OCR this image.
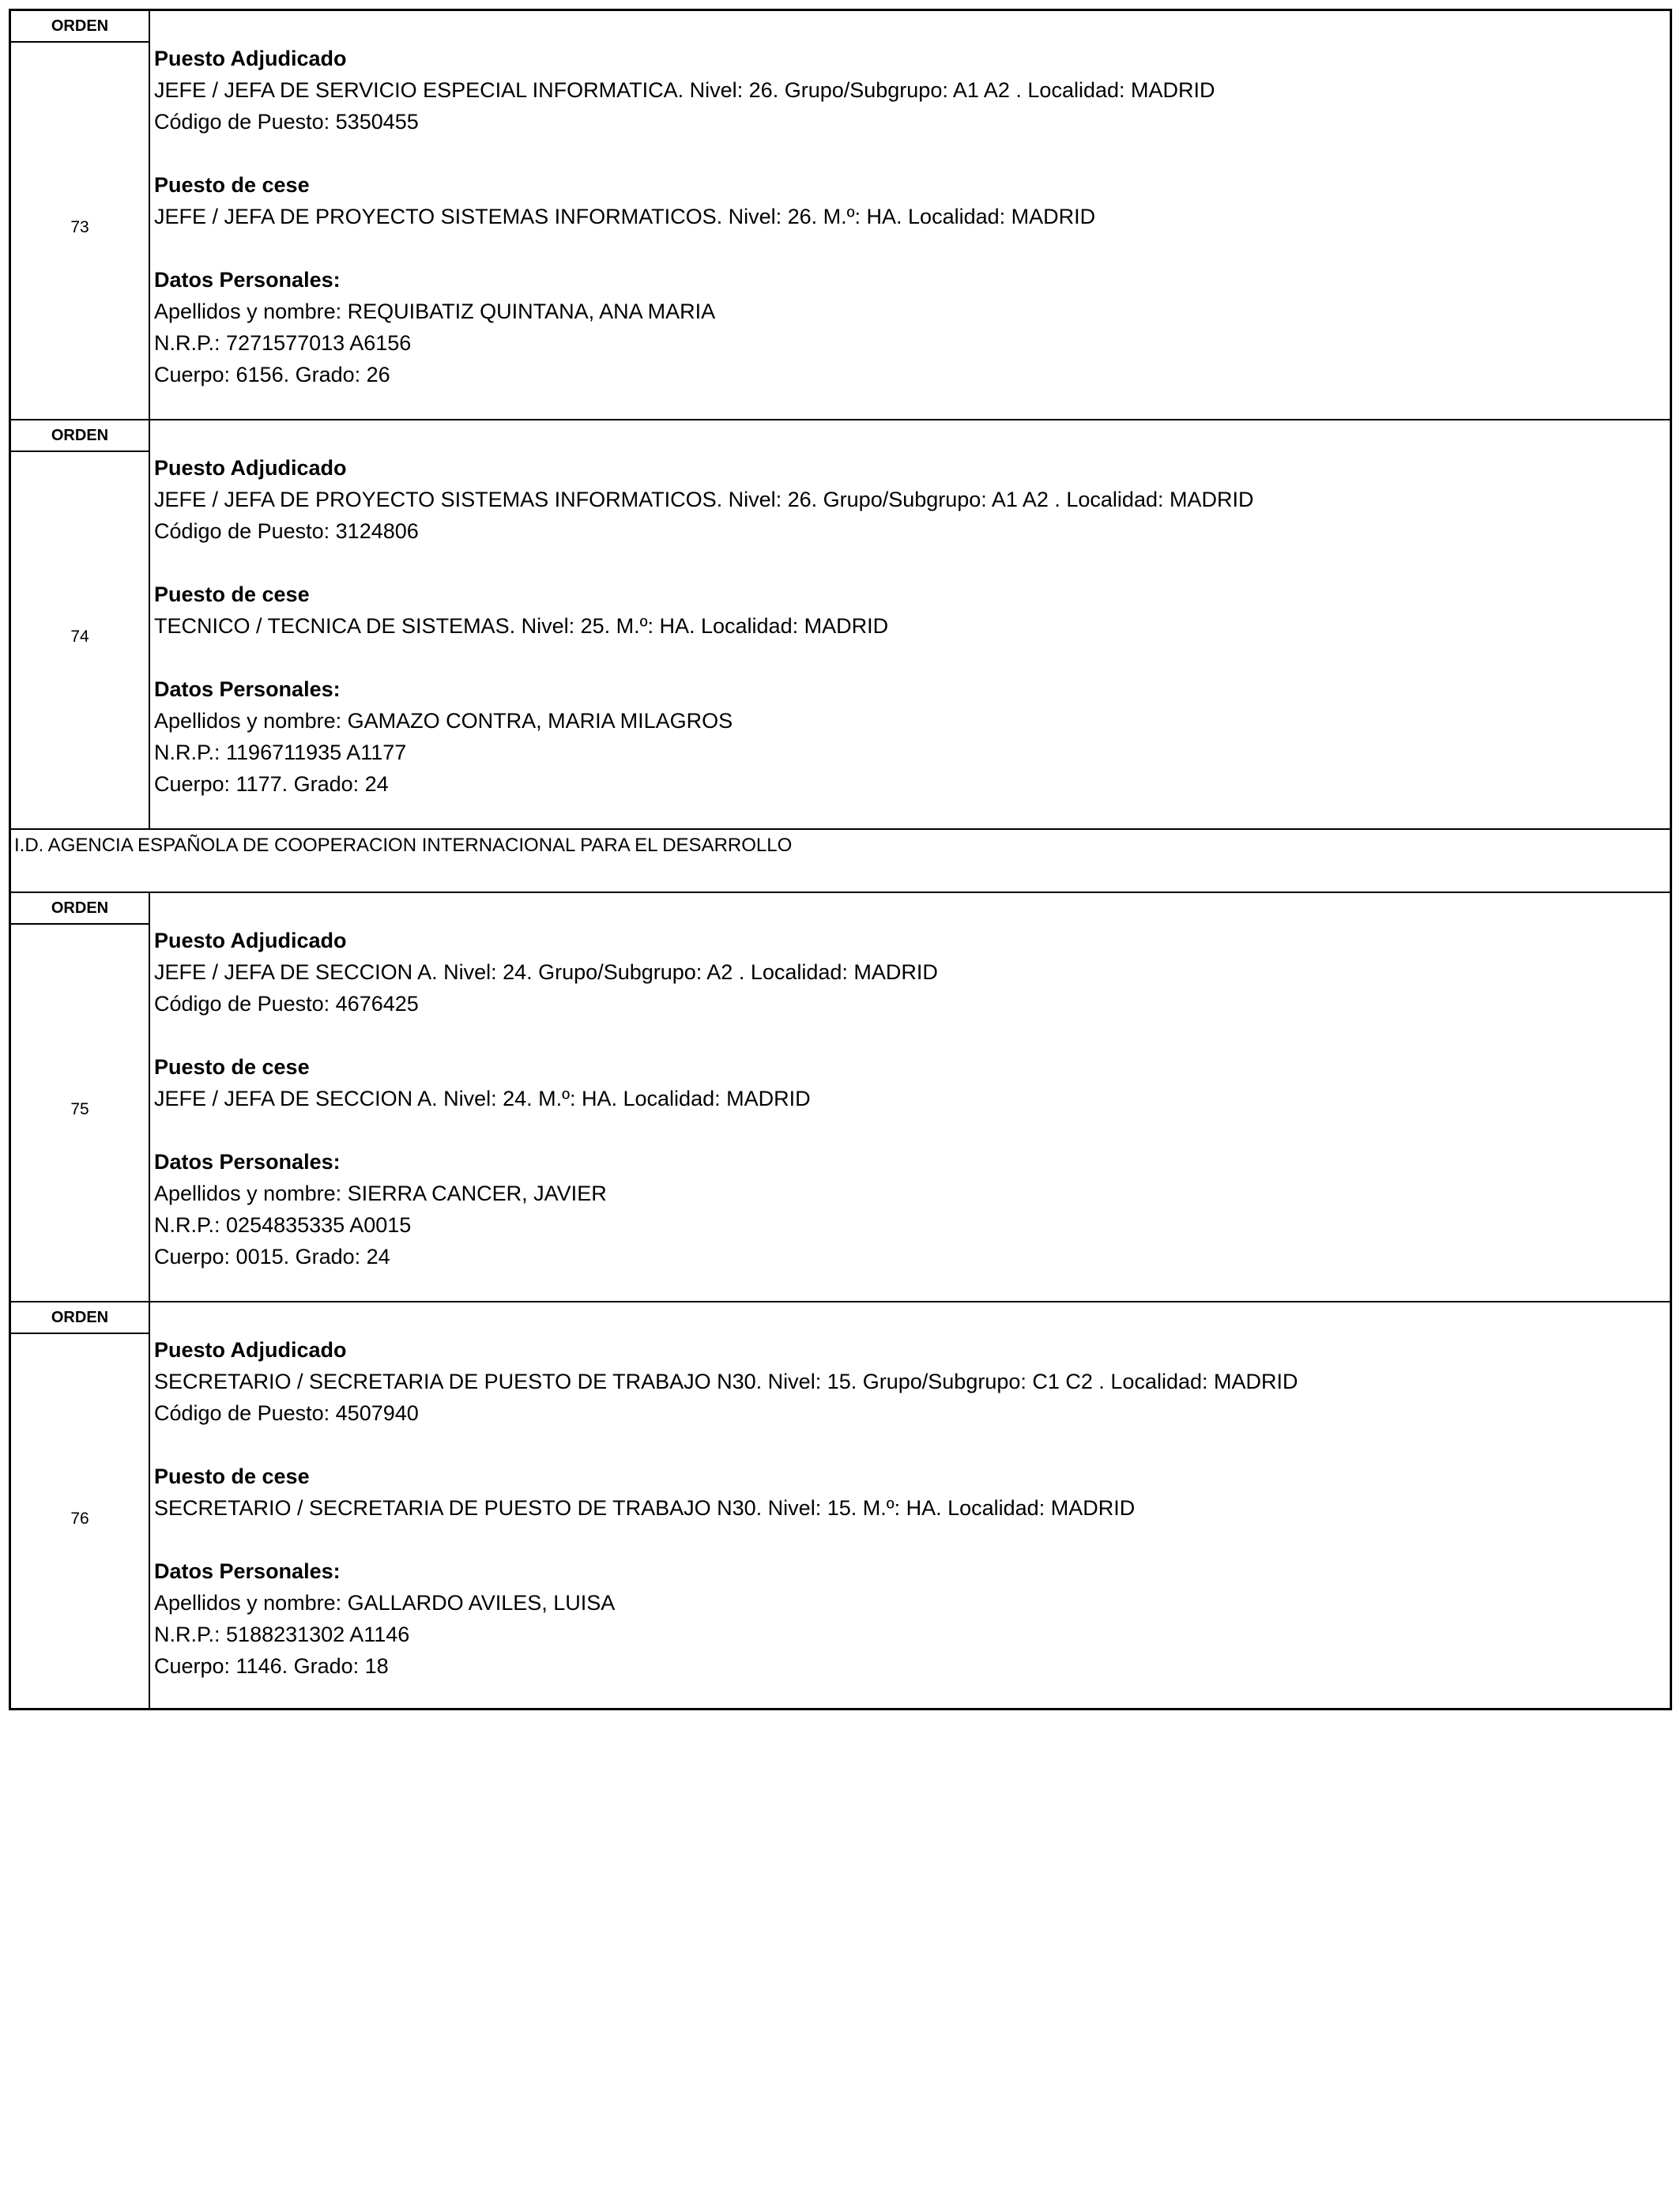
ORDEN
73
Puesto Adjudicado
JEFE / JEFA DE SERVICIO ESPECIAL INFORMATICA. Nivel: 26. Grupo/Subgrupo: A1 A2 . Localidad: MADRID
Código de Puesto: 5350455
Puesto de cese
JEFE / JEFA DE PROYECTO SISTEMAS INFORMATICOS. Nivel: 26. M.º: HA. Localidad: MADRID
Datos Personales:
Apellidos y nombre: REQUIBATIZ QUINTANA, ANA MARIA
N.R.P.: 7271577013 A6156
Cuerpo: 6156. Grado: 26
ORDEN
74
Puesto Adjudicado
JEFE / JEFA DE PROYECTO SISTEMAS INFORMATICOS. Nivel: 26. Grupo/Subgrupo: A1 A2 . Localidad: MADRID
Código de Puesto: 3124806
Puesto de cese
TECNICO / TECNICA DE SISTEMAS. Nivel: 25. M.º: HA. Localidad: MADRID
Datos Personales:
Apellidos y nombre: GAMAZO CONTRA, MARIA MILAGROS
N.R.P.: 1196711935 A1177
Cuerpo: 1177. Grado: 24
I.D. AGENCIA ESPAÑOLA DE COOPERACION INTERNACIONAL PARA EL DESARROLLO
ORDEN
75
Puesto Adjudicado
JEFE / JEFA DE SECCION A. Nivel: 24. Grupo/Subgrupo: A2 . Localidad: MADRID
Código de Puesto: 4676425
Puesto de cese
JEFE / JEFA DE SECCION A. Nivel: 24. M.º: HA. Localidad: MADRID
Datos Personales:
Apellidos y nombre: SIERRA CANCER, JAVIER
N.R.P.: 0254835335 A0015
Cuerpo: 0015. Grado: 24
ORDEN
76
Puesto Adjudicado
SECRETARIO / SECRETARIA DE PUESTO DE TRABAJO N30. Nivel: 15. Grupo/Subgrupo: C1 C2 . Localidad: MADRID
Código de Puesto: 4507940
Puesto de cese
SECRETARIO / SECRETARIA DE PUESTO DE TRABAJO N30. Nivel: 15. M.º: HA. Localidad: MADRID
Datos Personales:
Apellidos y nombre: GALLARDO AVILES, LUISA
N.R.P.: 5188231302 A1146
Cuerpo: 1146. Grado: 18
